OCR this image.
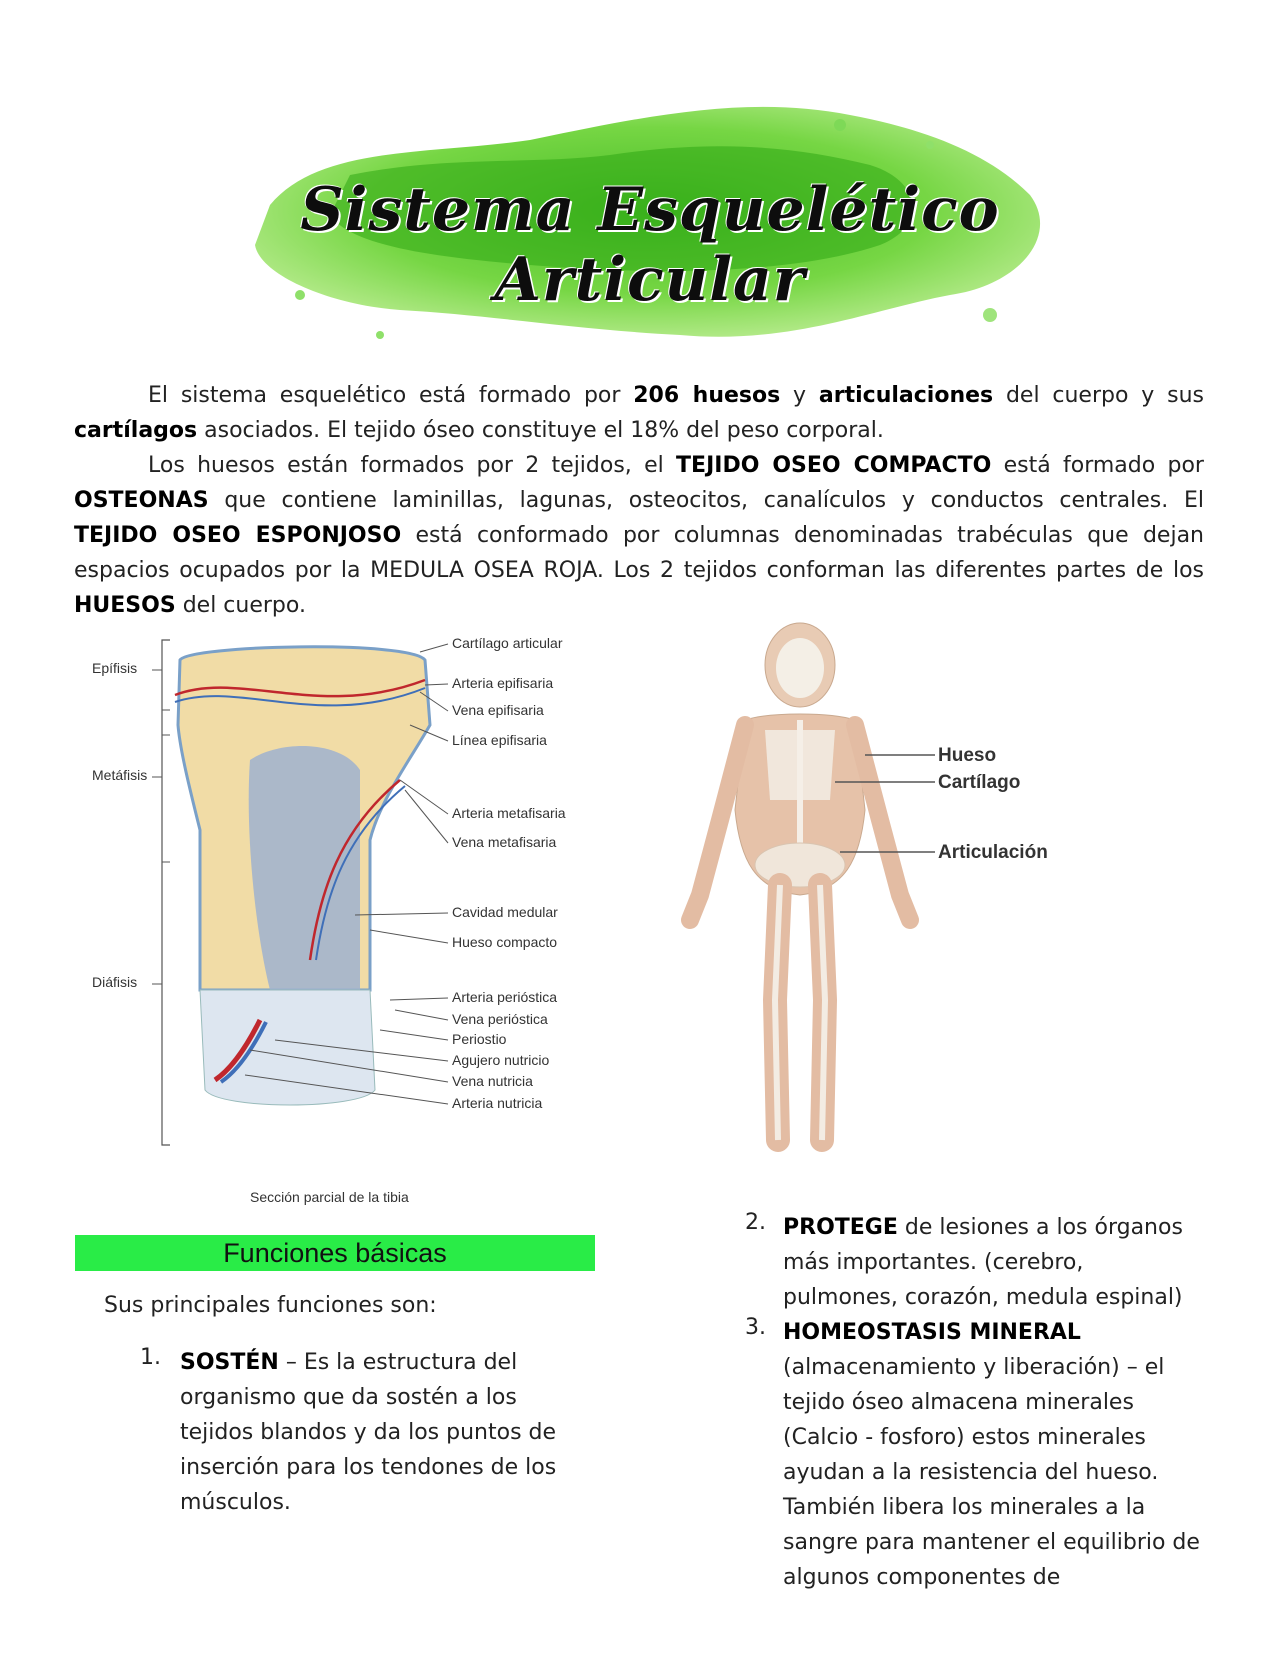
Sistema Esquelético Articular
El sistema esquelético está formado por 206 huesos y articulaciones del cuerpo y sus cartílagos asociados. El tejido óseo constituye el 18% del peso corporal.
Los huesos están formados por 2 tejidos, el TEJIDO OSEO COMPACTO está formado por OSTEONAS que contiene laminillas, lagunas, osteocitos, canalículos y conductos centrales. El TEJIDO OSEO ESPONJOSO está conformado por columnas denominadas trabéculas que dejan espacios ocupados por la MEDULA OSEA ROJA. Los 2 tejidos conforman las diferentes partes de los HUESOS del cuerpo.
Epífisis
Metáfisis
Diáfisis
Cartílago articular
Arteria epifisaria
Vena epifisaria
Línea epifisaria
Arteria metafisaria
Vena metafisaria
Cavidad medular
Hueso compacto
Arteria perióstica
Vena perióstica
Periostio
Agujero nutricio
Vena nutricia
Arteria nutricia
Sección parcial de la tibia
Hueso
Cartílago
Articulación
Funciones básicas
Sus principales funciones son:
1. SOSTÉN – Es la estructura del organismo que da sostén a los tejidos blandos y da los puntos de inserción para los tendones de los músculos.
2. PROTEGE de lesiones a los órganos más importantes. (cerebro, pulmones, corazón, medula espinal)
3. HOMEOSTASIS MINERAL (almacenamiento y liberación) – el tejido óseo almacena minerales (Calcio - fosforo) estos minerales ayudan a la resistencia del hueso. También libera los minerales a la sangre para mantener el equilibrio de algunos componentes de
